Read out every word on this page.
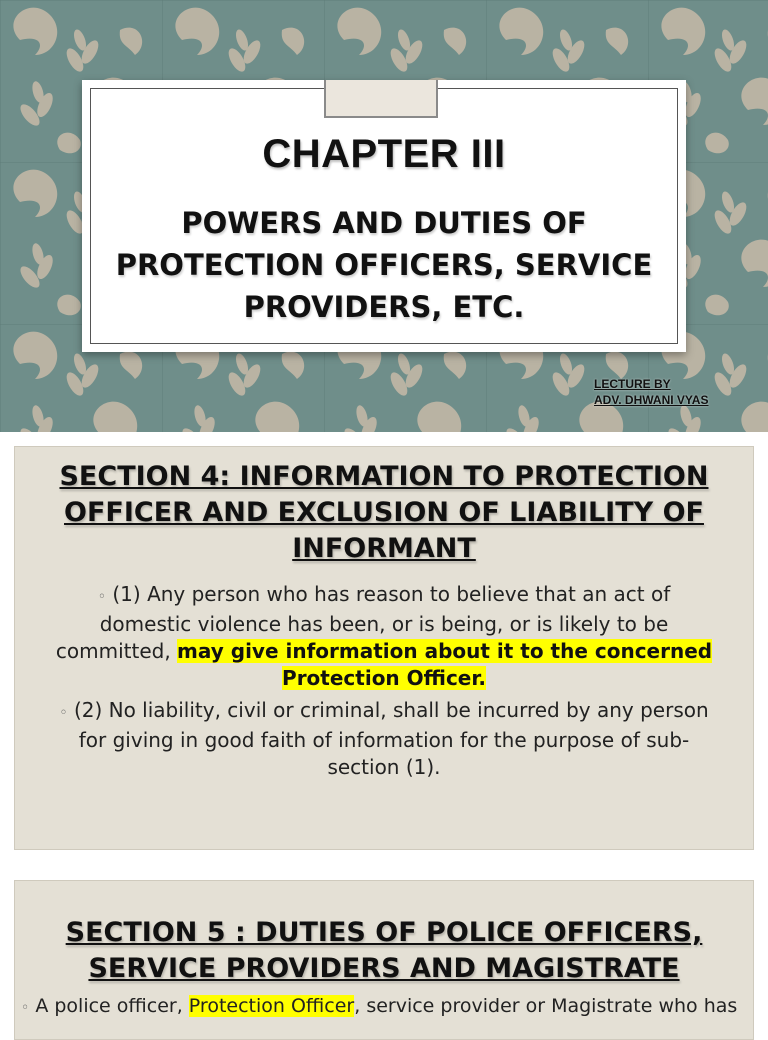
CHAPTER III
POWERS AND DUTIES OF PROTECTION OFFICERS, SERVICE PROVIDERS, ETC.
LECTURE BY
ADV. DHWANI VYAS
SECTION 4: INFORMATION TO PROTECTION OFFICER AND EXCLUSION OF LIABILITY OF INFORMANT
◦ (1) Any person who has reason to believe that an act of domestic violence has been, or is being, or is likely to be committed, may give information about it to the concerned Protection Officer.
◦ (2) No liability, civil or criminal, shall be incurred by any person for giving in good faith of information for the purpose of sub-section (1).
SECTION 5 : DUTIES OF POLICE OFFICERS, SERVICE PROVIDERS AND MAGISTRATE
◦ A police officer, Protection Officer, service provider or Magistrate who has
